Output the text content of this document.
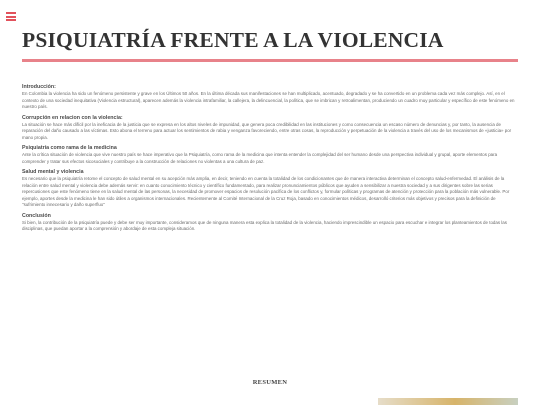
PSIQUIATRÍA FRENTE A LA VIOLENCIA
Introducción:

En Colombia la violencia ha sido un fenómeno persistente y grave en los Últimos 50 años. En la última década sus manifestaciones se han multiplicado, acentuado, degradado y se ha convertido en un problema cada vez más complejo. Así, en el contexto de una sociedad inequitativa (Violencia estructural), aparecen además la violencia intrafamiliar, la callejera, la delincuencial, la política, que se imbrican y retroalimentan, produciendo un cuadro muy particular y específico de este fenómeno en nuestro país.

Corrupción en relacion con la violencia:

La situación se hace más difícil por la ineficacia de la justicia que se expresa en los altos niveles de impunidad, que genera poca credibilidad en las instituciones y como consecuencia un escaso número de denuncias y, por tanto, la ausencia de reparación del daño causado a las víctimas. Esto abona el terreno para actuar los sentimientos de rabia y venganza favoreciendo, entre otras cosas, la reproducción y perpetuación de la violencia a través del uso de los mecanismos de «justicia» por mano propia.

Psiquiatría como rama de la medicina

Ante la crítica situación de violencia que vive nuestro país se hace imperativo que la Psiquiatría, como rama de la medicina que intenta entender la complejidad del ser humano desde una perspectiva individual y grupal, aporte elementos para comprender y tratar sus efectos sicosociales y contribuye a la construcción de relaciones no violentas a una cultura de paz.

Salud mental y violencia

Es necesario que la psiquiatría retome el concepto de salud mental en su acepción más amplia, en decir, teniendo en cuenta la totalidad de los condicionantes que de manera interactiva determinan el concepto salud-enfermedad. El análisis de la relación entre salud mental y violencia debe además servir: en cuanto conocimiento técnico y científico fundamentado, para realizar pronunciamientos públicos que ayuden a sensibilizar a nuestra sociedad y a sus dirigentes sobre las serias repercusiones que este fenómeno tiene en la salud mental de las personas, la necesidad de promover espacios de resolución pacífica de los conflictos y, formular políticas y programas de atención y protección para la población más vulnerable. Por ejemplo, aportes desde la medicina le han sido útiles a organismos internacionales. Recientemente al Comité Internacional de la Cruz Roja, basado en conocimientos médicos, desarrolló criterios más objetivos y precisos para la definición de "sufrimiento innecesario y daño superfluo"

Conclusión

Si bien, la contribución de la psiquiatría puede y debe ser muy importante, consideramos que de ninguna manera esta explica la totalidad de la violencia, haciendo imprescindible un espacio para escuchar e integrar los planteamientos de todas las disciplinas, que puedan aportar a la comprensión y abordaje de esta compleja situación.

RESUMEN
